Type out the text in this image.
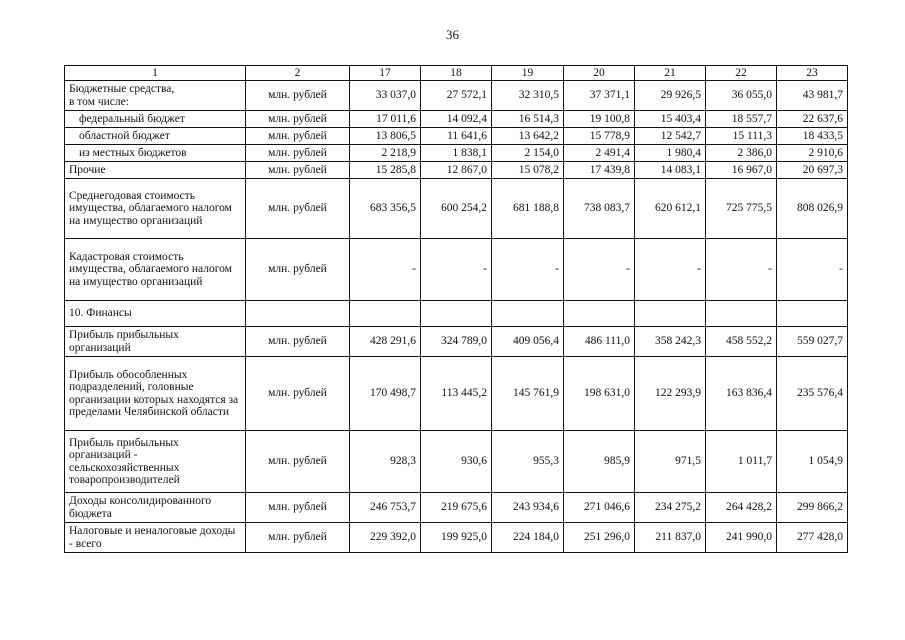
36
1	2	17	18	19	20	21	22	23
Бюджетные средства,
в том числе:	млн. рублей	33 037,0	27 572,1	32 310,5	37 371,1	29 926,5	36 055,0	43 981,7
федеральный бюджет	млн. рублей	17 011,6	14 092,4	16 514,3	19 100,8	15 403,4	18 557,7	22 637,6
областной бюджет	млн. рублей	13 806,5	11 641,6	13 642,2	15 778,9	12 542,7	15 111,3	18 433,5
из местных бюджетов	млн. рублей	2 218,9	1 838,1	2 154,0	2 491,4	1 980,4	2 386,0	2 910,6
Прочие	млн. рублей	15 285,8	12 867,0	15 078,2	17 439,8	14 083,1	16 967,0	20 697,3
Среднегодовая стоимость имущества, облагаемого налогом на имущество организаций	млн. рублей	683 356,5	600 254,2	681 188,8	738 083,7	620 612,1	725 775,5	808 026,9
Кадастровая стоимость имущества, облагаемого налогом на имущество организаций	млн. рублей	-	-	-	-	-	-	-
10. Финансы								
Прибыль прибыльных организаций	млн. рублей	428 291,6	324 789,0	409 056,4	486 111,0	358 242,3	458 552,2	559 027,7
Прибыль обособленных подразделений, головные организации которых находятся за пределами Челябинской области	млн. рублей	170 498,7	113 445,2	145 761,9	198 631,0	122 293,9	163 836,4	235 576,4
Прибыль прибыльных организаций - сельскохозяйственных товаропроизводителей	млн. рублей	928,3	930,6	955,3	985,9	971,5	1 011,7	1 054,9
Доходы консолидированного бюджета	млн. рублей	246 753,7	219 675,6	243 934,6	271 046,6	234 275,2	264 428,2	299 866,2
Налоговые и неналоговые доходы - всего	млн. рублей	229 392,0	199 925,0	224 184,0	251 296,0	211 837,0	241 990,0	277 428,0
